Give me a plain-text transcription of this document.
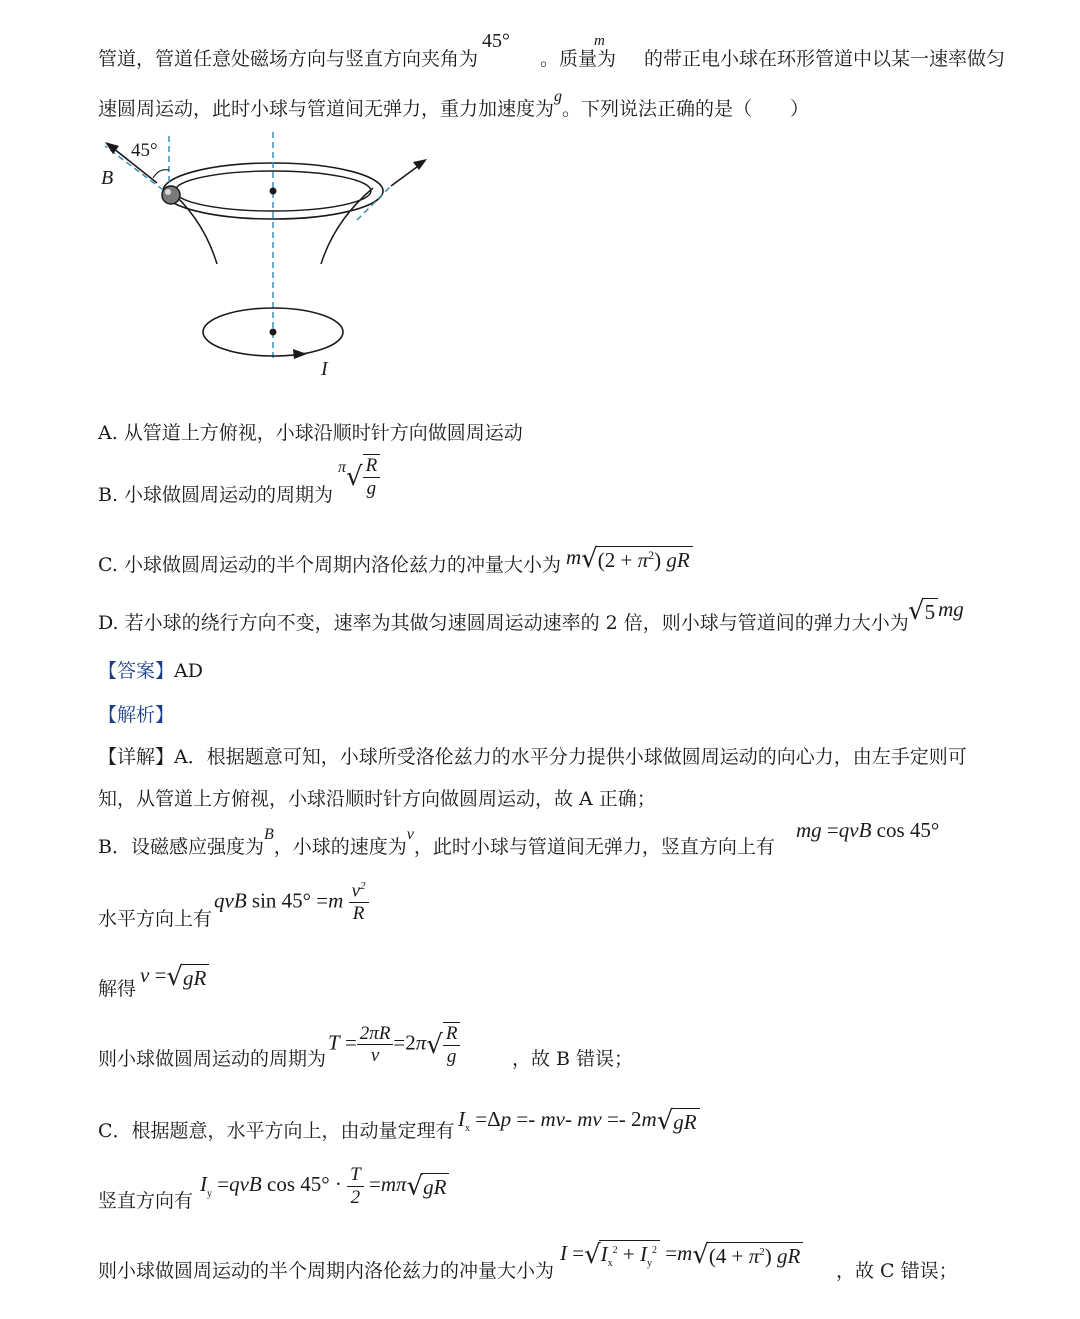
管道，管道任意处磁场方向与竖直方向夹角为	。质量为 的带正电小球在环形管道中以某一速率做匀
45°	m
速圆周运动，此时小球与管道间无弹力，重力加速度为$^g$。下列说法正确的是（　　）
45°
B
I
A. 从管道上方俯视，小球沿顺时针方向做圆周运动
B. 小球做圆周运动的周期为
$^\pi√ \frac{R}{g}$
C. 小球做圆周运动的半个周期内洛伦兹力的冲量大小为 $m√(2 + \pi^2)$ gR
D. 若小球的绕行方向不变，速率为其做匀速圆周运动速率的 2 倍，则小球与管道间的弹力大小为 √5 mg
【答案】AD
【解析】
【详解】A．根据题意可知，小球所受洛伦兹力的水平分力提供小球做圆周运动的向心力，由左手定则可
知，从管道上方俯视，小球沿顺时针方向做圆周运动，故 A 正确；
B．设磁感应强度为$^B$，小球的速度为$^v$，此时小球与管道间无弹力，竖直方向上有
mg =qvB cos 45°
水平方向上有
qvB $\sin 45^\circ =m \frac{v^2}{R}$
解得
v =√gR
则小球做圆周运动的周期为	，故 B 错误；
$T = \frac{2\pi R}{v} =2\pi√ \frac{R}{g}$
C．根据题意，水平方向上，由动量定理有
$I_x =\Delta p =- mv-$ mv =- 2m√gR
竖直方向有
$I_y =qvB$ $\cos 45^\circ \cdot \frac{T}{2} =m\pi√gR$
则小球做圆周运动的半个周期内洛伦兹力的冲量大小为	，故 C 错误；
$I =√I_x^2 + I_y^2 =m√(4 + \pi^2)$ gR
